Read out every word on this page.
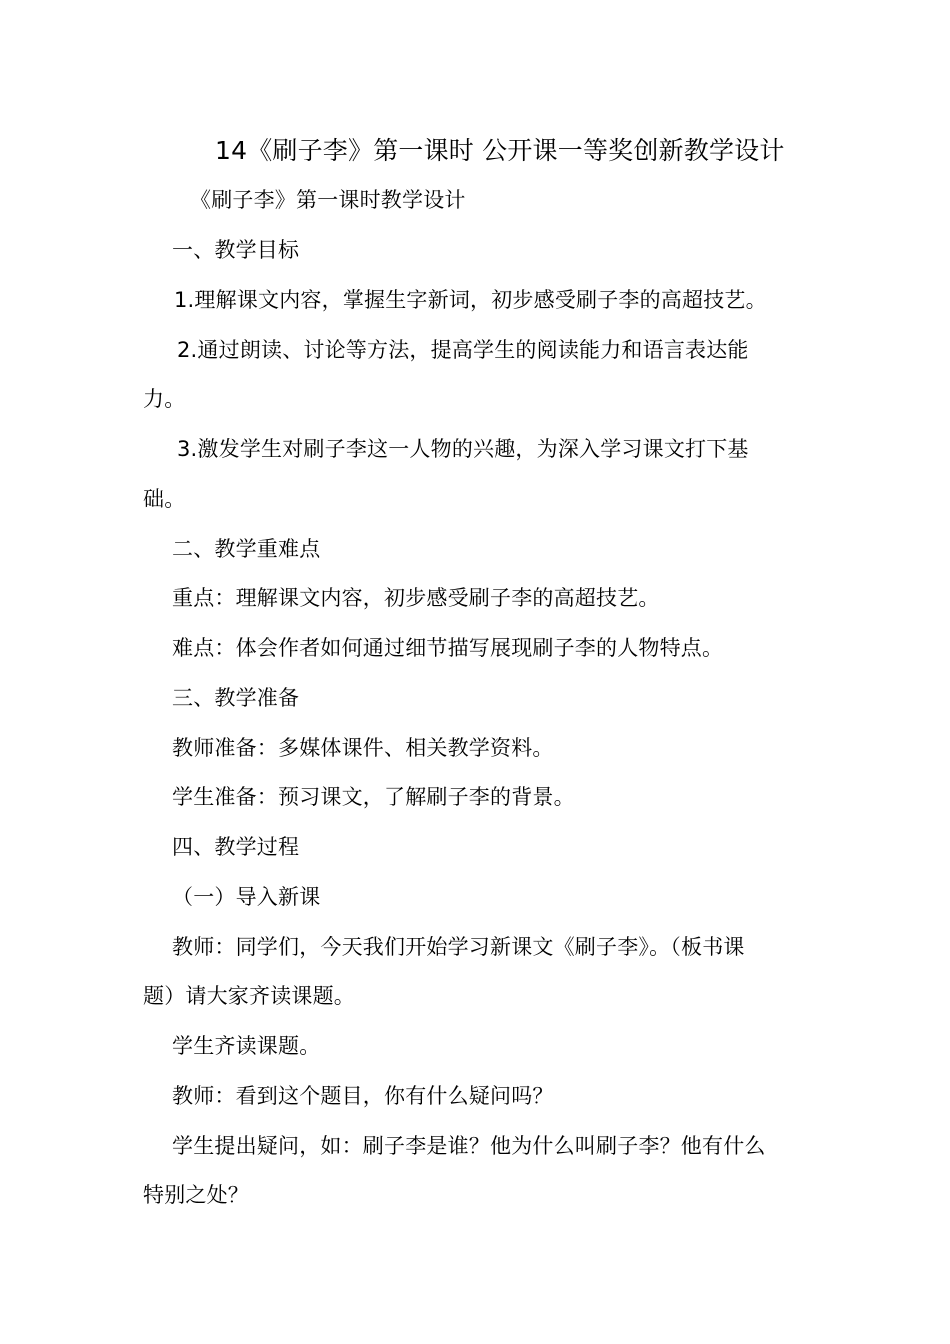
14《刷子李》第一课时 公开课一等奖创新教学设计
《刷子李》第一课时教学设计
一、教学目标
1.理解课文内容，掌握生字新词，初步感受刷子李的高超技艺。
2.通过朗读、讨论等方法，提高学生的阅读能力和语言表达能
力。
3.激发学生对刷子李这一人物的兴趣，为深入学习课文打下基
础。
二、教学重难点
重点：理解课文内容，初步感受刷子李的高超技艺。
难点：体会作者如何通过细节描写展现刷子李的人物特点。
三、教学准备
教师准备：多媒体课件、相关教学资料。
学生准备：预习课文，了解刷子李的背景。
四、教学过程
（一）导入新课
教师：同学们，今天我们开始学习新课文《刷子李》。（板书课
题）请大家齐读课题。
学生齐读课题。
教师：看到这个题目，你有什么疑问吗？
学生提出疑问，如：刷子李是谁？他为什么叫刷子李？他有什么
特别之处？
